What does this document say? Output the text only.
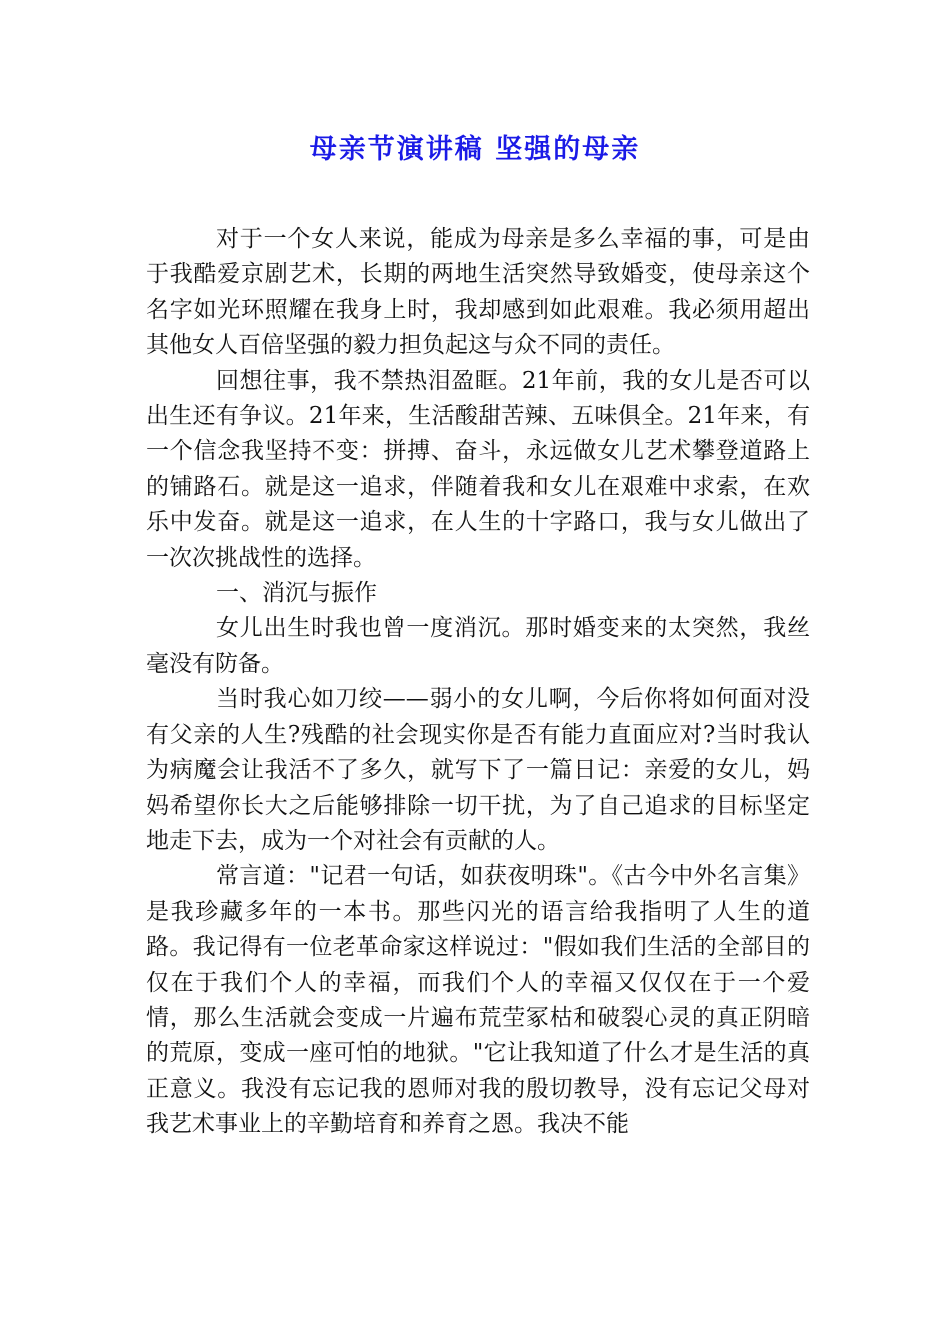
母亲节演讲稿 坚强的母亲

对于一个女人来说，能成为母亲是多么幸福的事，可是由于我酷爱京剧艺术，长期的两地生活突然导致婚变，使母亲这个名字如光环照耀在我身上时，我却感到如此艰难。我必须用超出其他女人百倍坚强的毅力担负起这与众不同的责任。

回想往事，我不禁热泪盈眶。21年前，我的女儿是否可以出生还有争议。21年来，生活酸甜苦辣、五味俱全。21年来，有一个信念我坚持不变：拼搏、奋斗，永远做女儿艺术攀登道路上的铺路石。就是这一追求，伴随着我和女儿在艰难中求索，在欢乐中发奋。就是这一追求，在人生的十字路口，我与女儿做出了一次次挑战性的选择。

一、消沉与振作

女儿出生时我也曾一度消沉。那时婚变来的太突然，我丝毫没有防备。

当时我心如刀绞——弱小的女儿啊，今后你将如何面对没有父亲的人生?残酷的社会现实你是否有能力直面应对?当时我认为病魔会让我活不了多久，就写下了一篇日记：亲爱的女儿，妈妈希望你长大之后能够排除一切干扰，为了自己追求的目标坚定地走下去，成为一个对社会有贡献的人。

常言道："记君一句话，如获夜明珠"。《古今中外名言集》是我珍藏多年的一本书。那些闪光的语言给我指明了人生的道路。我记得有一位老革命家这样说过："假如我们生活的全部目的仅在于我们个人的幸福，而我们个人的幸福又仅仅在于一个爱情，那么生活就会变成一片遍布荒茔冢枯和破裂心灵的真正阴暗的荒原，变成一座可怕的地狱。"它让我知道了什么才是生活的真正意义。我没有忘记我的恩师对我的殷切教导，没有忘记父母对我艺术事业上的辛勤培育和养育之恩。我决不能
